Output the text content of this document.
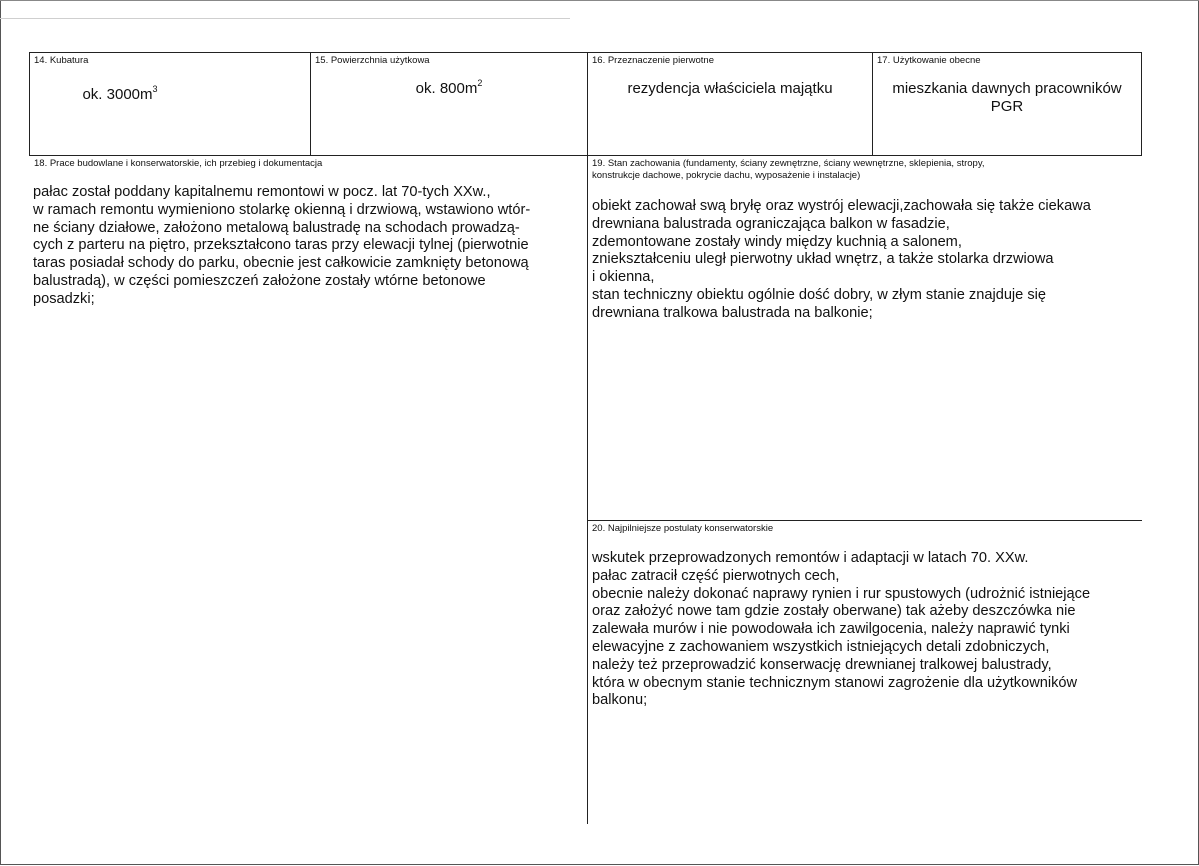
14. Kubatura
ok. $3000m^3$
15. Powierzchnia użytkowa
ok. $800m^2$
16. Przeznaczenie pierwotne
rezydencja właściciela majątku
17. Użytkowanie obecne
mieszkania dawnych pracowników
PGR
18. Prace budowlane i konserwatorskie, ich przebieg i dokumentacja
pałac został poddany kapitalnemu remontowi w pocz. lat 70-tych XXw.,
w ramach remontu wymieniono stolarkę okienną i drzwiową, wstawiono wtór-
ne ściany działowe, założono metalową balustradę na schodach prowadzą-
cych z parteru na piętro, przekształcono taras przy elewacji tylnej (pierwotnie
taras posiadał schody do parku, obecnie jest całkowicie zamknięty betonową
balustradą), w części pomieszczeń założone zostały wtórne betonowe
posadzki;
19. Stan zachowania (fundamenty, ściany zewnętrzne, ściany wewnętrzne, sklepienia, stropy,
konstrukcje dachowe, pokrycie dachu, wyposażenie i instalacje)
obiekt zachował swą bryłę oraz wystrój elewacji,zachowała się także ciekawa
drewniana balustrada ograniczająca balkon w fasadzie,
zdemontowane zostały windy między kuchnią a salonem,
zniekształceniu uległ pierwotny układ wnętrz, a także stolarka drzwiowa
i okienna,
stan techniczny obiektu ogólnie dość dobry, w złym stanie znajduje się
drewniana tralkowa balustrada na balkonie;
20. Najpilniejsze postulaty konserwatorskie
wskutek przeprowadzonych remontów i adaptacji w latach 70. XXw.
pałac zatracił część pierwotnych cech,
obecnie należy dokonać naprawy rynien i rur spustowych (udrożnić istniejące
oraz założyć nowe tam gdzie zostały oberwane) tak ażeby deszczówka nie
zalewała murów i nie powodowała ich zawilgocenia, należy naprawić tynki
elewacyjne z zachowaniem wszystkich istniejących detali zdobniczych,
należy też przeprowadzić konserwację drewnianej tralkowej balustrady,
która w obecnym stanie technicznym stanowi zagrożenie dla użytkowników
balkonu;
